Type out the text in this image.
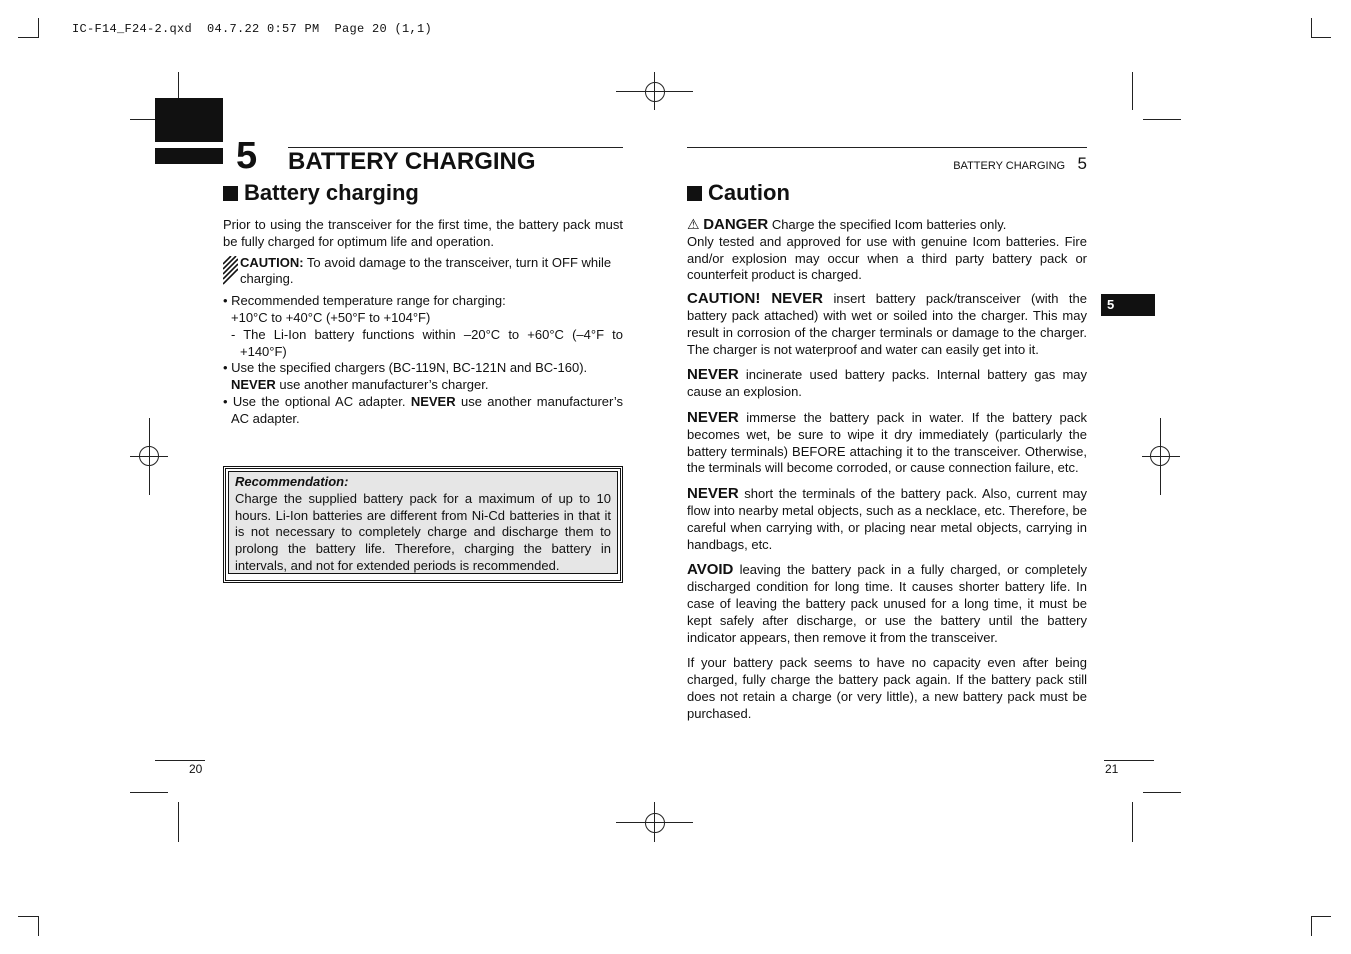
IC-F14_F24-2.qxd  04.7.22 0:57 PM  Page 20 (1,1)
5 BATTERY CHARGING
Battery charging

Prior to using the transceiver for the first time, the battery pack must be fully charged for optimum life and operation.

CAUTION: To avoid damage to the transceiver, turn it OFF while charging.

• Recommended temperature range for charging:

+10°C to +40°C (+50°F to +104°F)

- The Li-Ion battery functions within –20°C to +60°C (–4°F to +140°F)

• Use the specified chargers (BC-119N, BC-121N and BC-160).
NEVER use another manufacturer’s charger.

• Use the optional AC adapter. NEVER use another manufacturer’s AC adapter.

Recommendation:

Charge the supplied battery pack for a maximum of up to 10 hours. Li-Ion batteries are different from Ni-Cd batteries in that it is not necessary to completely charge and discharge them to prolong the battery life. Therefore, charging the battery in intervals, and not for extended periods is recommended.

20
BATTERY CHARGING 5
Caution

⚠ DANGER Charge the specified Icom batteries only.
Only tested and approved for use with genuine Icom batteries. Fire and/or explosion may occur when a third party battery pack or counterfeit product is charged.

CAUTION! NEVER insert battery pack/transceiver (with the battery pack attached) with wet or soiled into the charger. This may result in corrosion of the charger terminals or damage to the charger. The charger is not waterproof and water can easily get into it.

NEVER incinerate used battery packs. Internal battery gas may cause an explosion.

NEVER immerse the battery pack in water. If the battery pack becomes wet, be sure to wipe it dry immediately (particularly the battery terminals) BEFORE attaching it to the transceiver. Otherwise, the terminals will become corroded, or cause connection failure, etc.

NEVER short the terminals of the battery pack. Also, current may flow into nearby metal objects, such as a necklace, etc. Therefore, be careful when carrying with, or placing near metal objects, carrying in handbags, etc.

AVOID leaving the battery pack in a fully charged, or completely discharged condition for long time. It causes shorter battery life. In case of leaving the battery pack unused for a long time, it must be kept safely after discharge, or use the battery until the battery indicator appears, then remove it from the transceiver.

If your battery pack seems to have no capacity even after being charged, fully charge the battery pack again. If the battery pack still does not retain a charge (or very little), a new battery pack must be purchased.

5
21
